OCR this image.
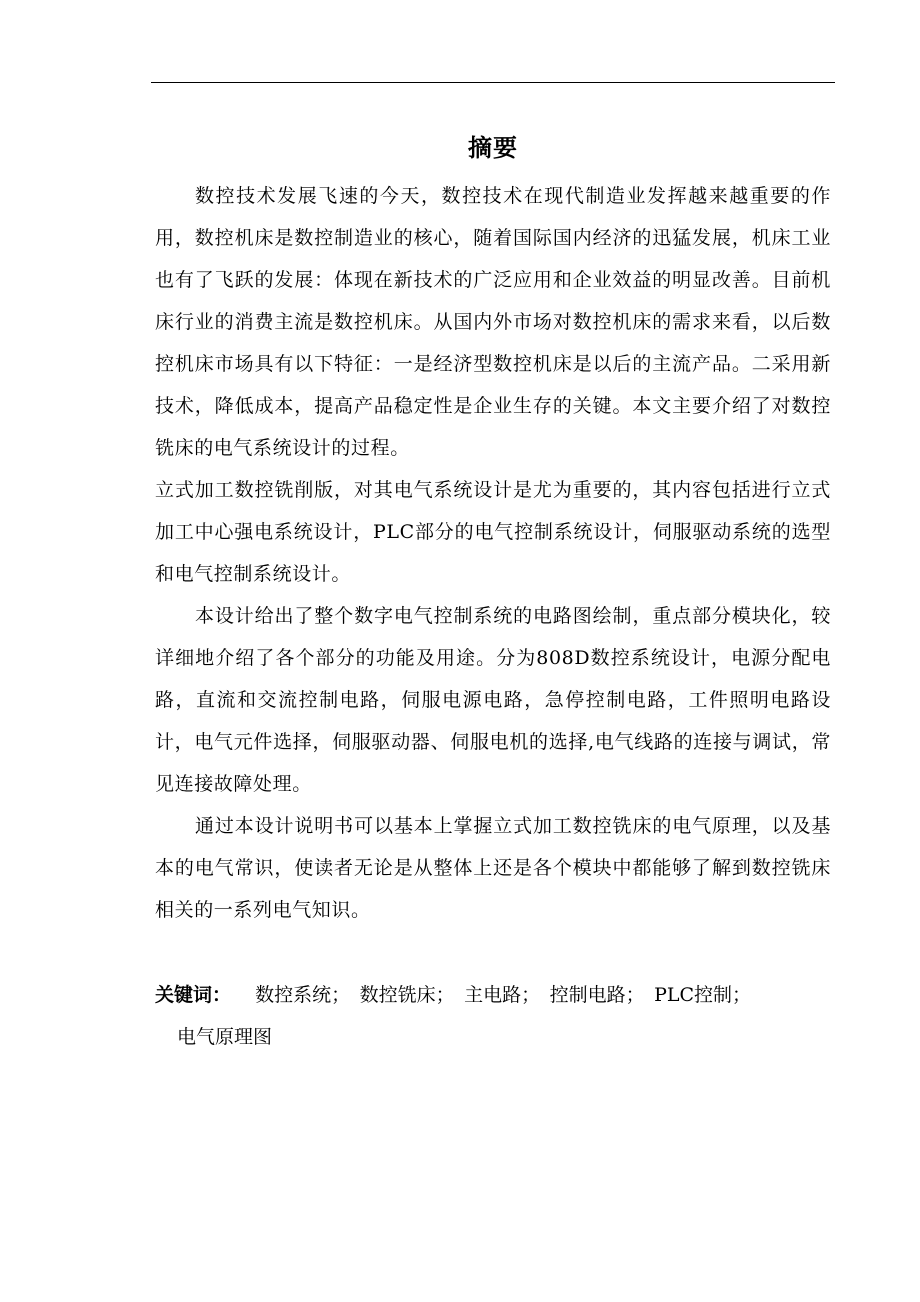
摘要

数控技术发展飞速的今天，数控技术在现代制造业发挥越来越重要的作用，数控机床是数控制造业的核心，随着国际国内经济的迅猛发展，机床工业也有了飞跃的发展：体现在新技术的广泛应用和企业效益的明显改善。目前机床行业的消费主流是数控机床。从国内外市场对数控机床的需求来看，以后数控机床市场具有以下特征：一是经济型数控机床是以后的主流产品。二采用新技术，降低成本，提高产品稳定性是企业生存的关键。本文主要介绍了对数控铣床的电气系统设计的过程。

立式加工数控铣削版，对其电气系统设计是尤为重要的，其内容包括进行立式加工中心强电系统设计，PLC部分的电气控制系统设计，伺服驱动系统的选型和电气控制系统设计。

本设计给出了整个数字电气控制系统的电路图绘制，重点部分模块化，较详细地介绍了各个部分的功能及用途。分为808D数控系统设计，电源分配电路，直流和交流控制电路，伺服电源电路，急停控制电路，工件照明电路设计，电气元件选择，伺服驱动器、伺服电机的选择,电气线路的连接与调试，常见连接故障处理。

通过本设计说明书可以基本上掌握立式加工数控铣床的电气原理，以及基本的电气常识，使读者无论是从整体上还是各个模块中都能够了解到数控铣床相关的一系列电气知识。

关键词： 数控系统；　数控铣床；　主电路；　控制电路；　PLC控制；
电气原理图
